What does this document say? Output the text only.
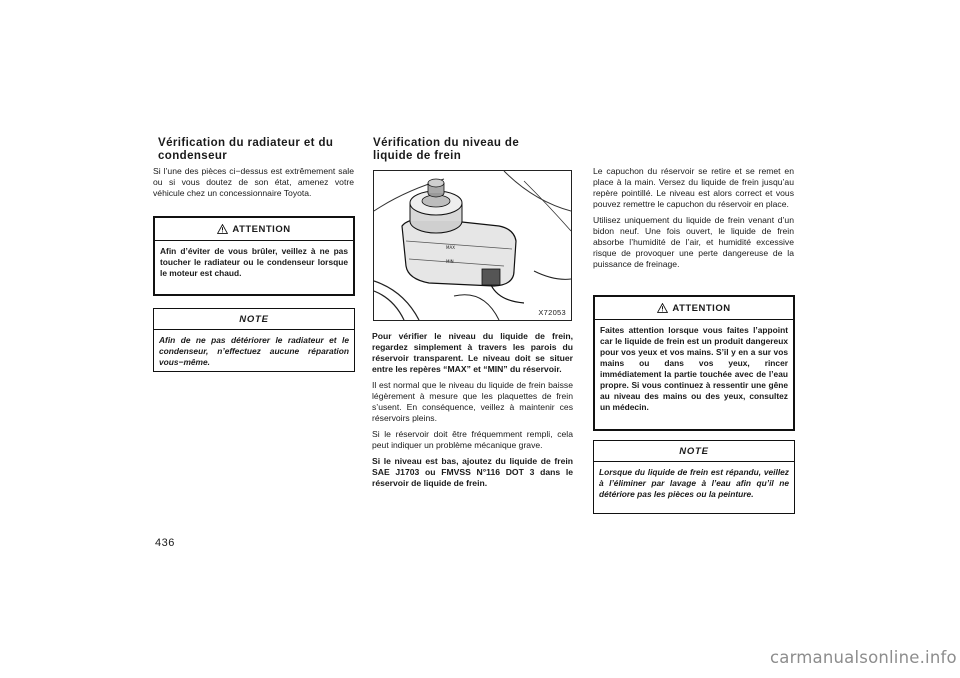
Vérification du radiateur et du

condenseur

Si l’une des pièces ci−dessus est extrêmement sale ou si vous doutez de son état, amenez votre véhicule chez un concessionnaire Toyota.

ATTENTION
Afin d’éviter de vous brûler, veillez à ne pas toucher le radiateur ou le condenseur lorsque le moteur est chaud.
NOTE
Afin de ne pas détériorer le radiateur et le condenseur, n’effectuez aucune réparation vous−même.
436

Vérification du niveau de

liquide de frein

MAX
MIN
X72053

Pour vérifier le niveau du liquide de frein, regardez simplement à travers les parois du réservoir transparent. Le niveau doit se situer entre les repères “MAX” et “MIN” du réservoir.

Il est normal que le niveau du liquide de frein baisse légèrement à mesure que les plaquettes de frein s’usent. En conséquence, veillez à maintenir ces réservoirs pleins.

Si le réservoir doit être fréquemment rempli, cela peut indiquer un problème mécanique grave.

Si le niveau est bas, ajoutez du liquide de frein SAE J1703 ou FMVSS N°116 DOT 3 dans le réservoir de liquide de frein.

Le capuchon du réservoir se retire et se remet en place à la main. Versez du liquide de frein jusqu’au repère pointillé. Le niveau est alors correct et vous pouvez remettre le capuchon du réservoir en place.

Utilisez uniquement du liquide de frein venant d’un bidon neuf. Une fois ouvert, le liquide de frein absorbe l’humidité de l’air, et humidité excessive risque de provoquer une perte dangereuse de la puissance de freinage.

ATTENTION
Faites attention lorsque vous faites l’appoint car le liquide de frein est un produit dangereux pour vos yeux et vos mains. S’il y en a sur vos mains ou dans vos yeux, rincer immédiatement la partie touchée avec de l’eau propre. Si vous continuez à ressentir une gêne au niveau des mains ou des yeux, consultez un médecin.
NOTE
Lorsque du liquide de frein est répandu, veillez à l’éliminer par lavage à l’eau afin qu’il ne détériore pas les pièces ou la peinture.
carmanualsonline.info
